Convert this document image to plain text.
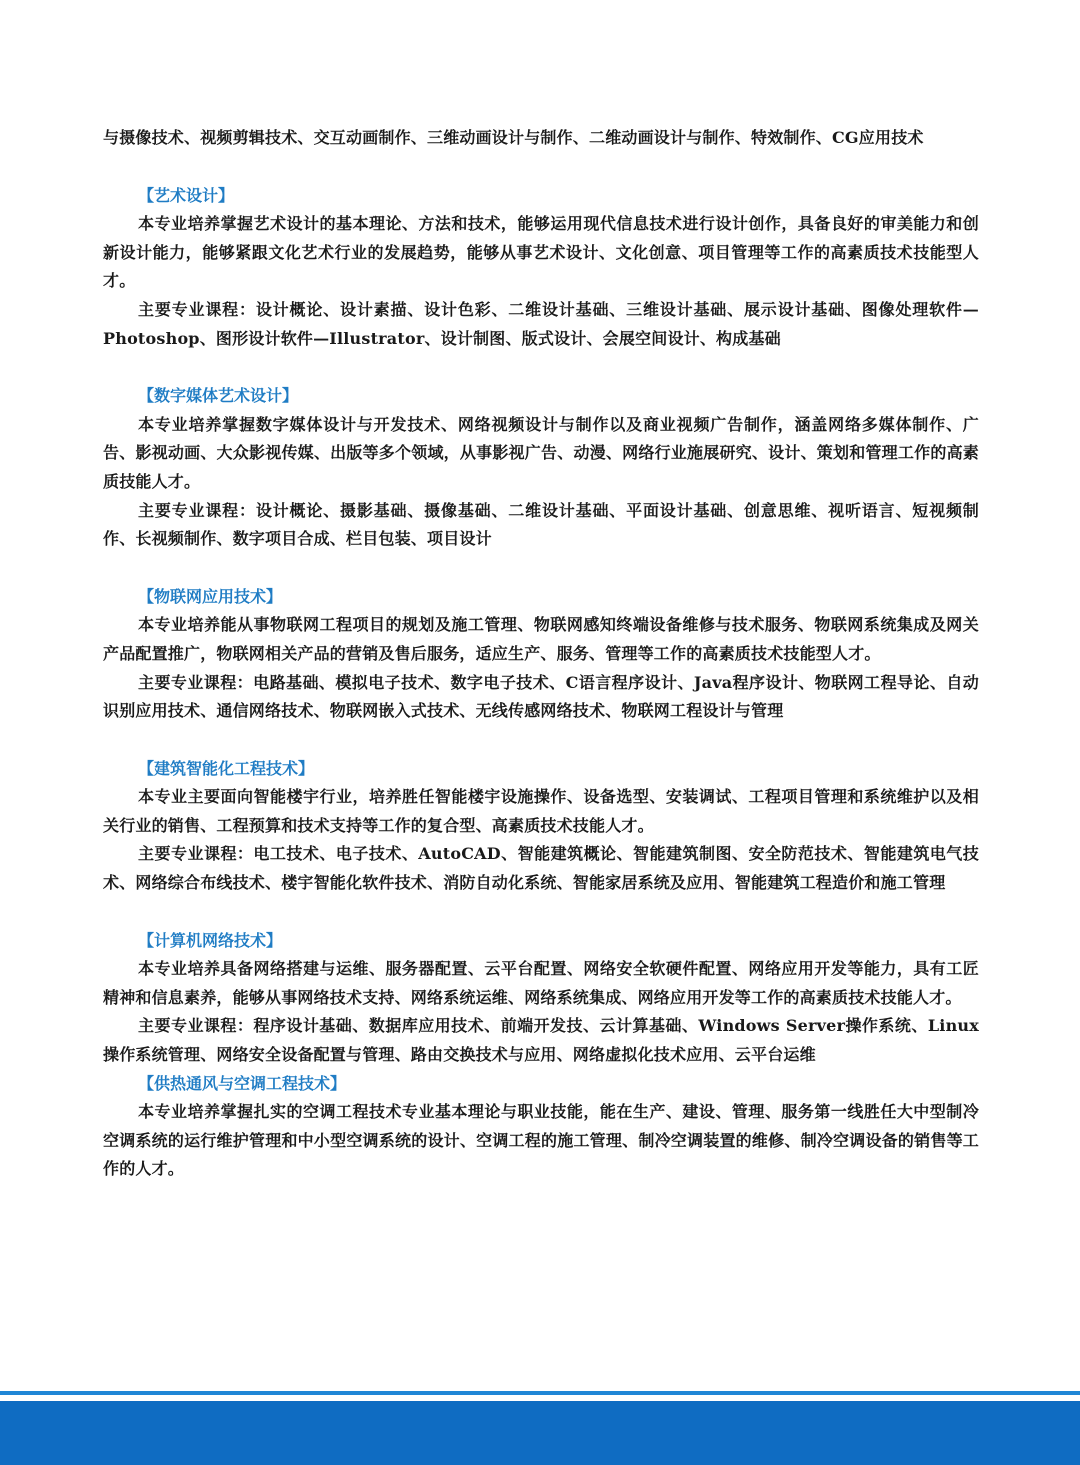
与摄像技术、视频剪辑技术、交互动画制作、三维动画设计与制作、二维动画设计与制作、特效制作、CG应用技术

【艺术设计】

本专业培养掌握艺术设计的基本理论、方法和技术，能够运用现代信息技术进行设计创作，具备良好的审美能力和创新设计能力，能够紧跟文化艺术行业的发展趋势，能够从事艺术设计、文化创意、项目管理等工作的高素质技术技能型人才。

主要专业课程：设计概论、设计素描、设计色彩、二维设计基础、三维设计基础、展示设计基础、图像处理软件—Photoshop、图形设计软件—Illustrator、设计制图、版式设计、会展空间设计、构成基础

【数字媒体艺术设计】

本专业培养掌握数字媒体设计与开发技术、网络视频设计与制作以及商业视频广告制作，涵盖网络多媒体制作、广告、影视动画、大众影视传媒、出版等多个领域，从事影视广告、动漫、网络行业施展研究、设计、策划和管理工作的高素质技能人才。

主要专业课程：设计概论、摄影基础、摄像基础、二维设计基础、平面设计基础、创意思维、视听语言、短视频制作、长视频制作、数字项目合成、栏目包装、项目设计

【物联网应用技术】

本专业培养能从事物联网工程项目的规划及施工管理、物联网感知终端设备维修与技术服务、物联网系统集成及网关产品配置推广，物联网相关产品的营销及售后服务，适应生产、服务、管理等工作的高素质技术技能型人才。

主要专业课程：电路基础、模拟电子技术、数字电子技术、C语言程序设计、Java程序设计、物联网工程导论、自动识别应用技术、通信网络技术、物联网嵌入式技术、无线传感网络技术、物联网工程设计与管理

【建筑智能化工程技术】

本专业主要面向智能楼宇行业，培养胜任智能楼宇设施操作、设备选型、安装调试、工程项目管理和系统维护以及相关行业的销售、工程预算和技术支持等工作的复合型、高素质技术技能人才。

主要专业课程：电工技术、电子技术、AutoCAD、智能建筑概论、智能建筑制图、安全防范技术、智能建筑电气技术、网络综合布线技术、楼宇智能化软件技术、消防自动化系统、智能家居系统及应用、智能建筑工程造价和施工管理

【计算机网络技术】

本专业培养具备网络搭建与运维、服务器配置、云平台配置、网络安全软硬件配置、网络应用开发等能力，具有工匠精神和信息素养，能够从事网络技术支持、网络系统运维、网络系统集成、网络应用开发等工作的高素质技术技能人才。

主要专业课程：程序设计基础、数据库应用技术、前端开发技、云计算基础、Windows Server操作系统、Linux操作系统管理、网络安全设备配置与管理、路由交换技术与应用、网络虚拟化技术应用、云平台运维

【供热通风与空调工程技术】

本专业培养掌握扎实的空调工程技术专业基本理论与职业技能，能在生产、建设、管理、服务第一线胜任大中型制冷空调系统的运行维护管理和中小型空调系统的设计、空调工程的施工管理、制冷空调装置的维修、制冷空调设备的销售等工作的人才。
